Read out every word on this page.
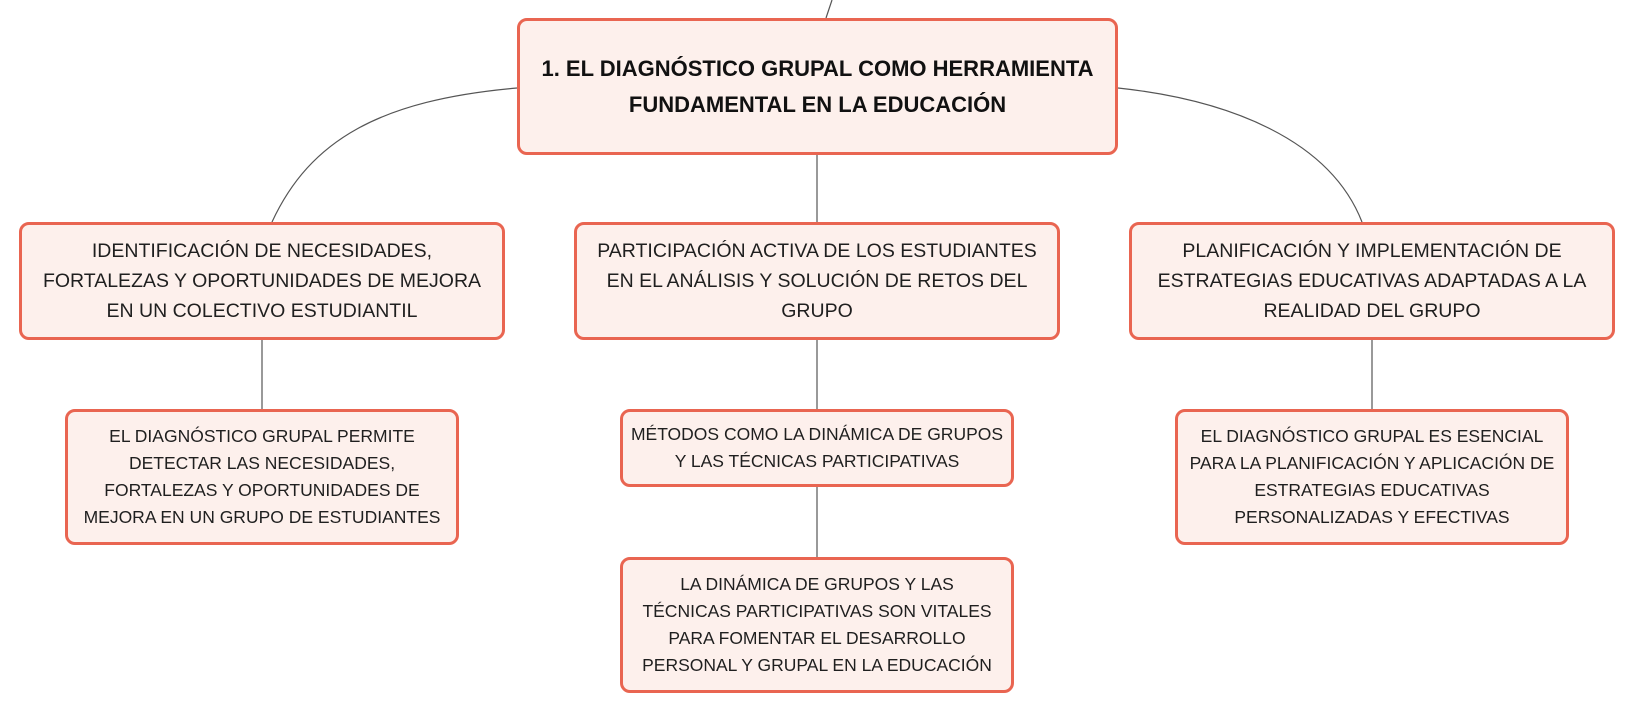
1. EL DIAGNÓSTICO GRUPAL COMO HERRAMIENTA FUNDAMENTAL EN LA EDUCACIÓN
IDENTIFICACIÓN DE NECESIDADES, FORTALEZAS Y OPORTUNIDADES DE MEJORA EN UN COLECTIVO ESTUDIANTIL
PARTICIPACIÓN ACTIVA DE LOS ESTUDIANTES EN EL ANÁLISIS Y SOLUCIÓN DE RETOS DEL GRUPO
PLANIFICACIÓN Y IMPLEMENTACIÓN DE ESTRATEGIAS EDUCATIVAS ADAPTADAS A LA REALIDAD DEL GRUPO
EL DIAGNÓSTICO GRUPAL PERMITE DETECTAR LAS NECESIDADES, FORTALEZAS Y OPORTUNIDADES DE MEJORA EN UN GRUPO DE ESTUDIANTES
MÉTODOS COMO LA DINÁMICA DE GRUPOS Y LAS TÉCNICAS PARTICIPATIVAS
LA DINÁMICA DE GRUPOS Y LAS TÉCNICAS PARTICIPATIVAS SON VITALES PARA FOMENTAR EL DESARROLLO PERSONAL Y GRUPAL EN LA EDUCACIÓN
EL DIAGNÓSTICO GRUPAL ES ESENCIAL PARA LA PLANIFICACIÓN Y APLICACIÓN DE ESTRATEGIAS EDUCATIVAS PERSONALIZADAS Y EFECTIVAS
